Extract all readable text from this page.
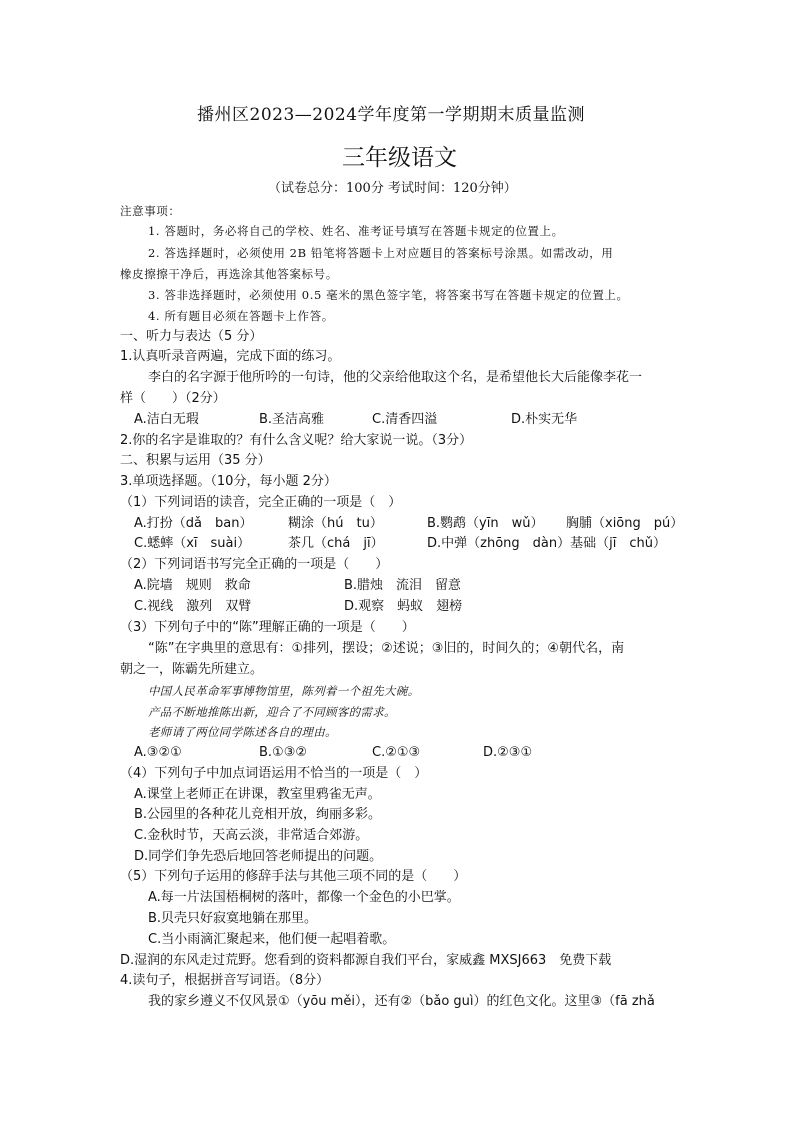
播州区2023—2024学年度第一学期期末质量监测
三年级语文
（试卷总分：100分 考试时间：120分钟）
注意事项：
1. 答题时，务必将自己的学校、姓名、准考证号填写在答题卡规定的位置上。
2. 答选择题时，必须使用 2B 铅笔将答题卡上对应题目的答案标号涂黑。如需改动，用
橡皮擦擦干净后，再选涂其他答案标号。
3. 答非选择题时，必须使用 0.5 毫米的黑色签字笔，将答案书写在答题卡规定的位置上。
4. 所有题目必须在答题卡上作答。
一、听力与表达（5 分）
1.认真听录音两遍，完成下面的练习。
李白的名字源于他所吟的一句诗，他的父亲给他取这个名，是希望他长大后能像李花一
样（　　）（2分）
A.洁白无瑕	B.圣洁高雅	C.清香四溢	D.朴实无华
2.你的名字是谁取的？有什么含义呢？给大家说一说。（3分）
二、积累与运用（35 分）
3.单项选择题。（10分，每小题 2分）
（1）下列词语的读音，完全正确的一项是（　）
A.打扮（dǎ　ban）	糊涂（hú　tu）	B.鹦鹉（yīn　wǔ） 胸脯（xiōng　pú）
C.蟋蟀（xī　suài）	茶几（chá　jī）	D.中弹（zhōng　dàn）基础（jī　chǔ）
（2）下列词语书写完全正确的一项是（　　）
A.院墙　规则　救命	B.腊烛　流泪　留意
C.视线　激列　双臂	D.观察　蚂蚁　翅榜
（3）下列句子中的“陈”理解正确的一项是（　　）
“陈”在字典里的意思有：①排列，摆设；②述说；③旧的，时间久的；④朝代名，南
朝之一，陈霸先所建立。
中国人民革命军事博物馆里，陈列着一个祖先大碗。
产品不断地推陈出新，迎合了不同顾客的需求。
老师请了两位同学陈述各自的理由。
A.③②①	B.①③②	C.②①③	D.②③①
（4）下列句子中加点词语运用不恰当的一项是（　）
A.课堂上老师正在讲课，教室里鸦雀无声。
B.公园里的各种花儿竞相开放，绚丽多彩。
C.金秋时节，天高云淡，非常适合郊游。
D.同学们争先恐后地回答老师提出的问题。
（5）下列句子运用的修辞手法与其他三项不同的是（　　）
A.每一片法国梧桐树的落叶，都像一个金色的小巴掌。
B.贝壳只好寂寞地躺在那里。
C.当小雨滴汇聚起来，他们便一起唱着歌。
D.湿润的东风走过荒野。您看到的资料都源自我们平台，家威鑫 MXSJ663　免费下载
4.读句子，根据拼音写词语。（8分）
我的家乡遵义不仅风景①（yōu měi），还有②（bǎo guì）的红色文化。这里③（fā zhǎ
